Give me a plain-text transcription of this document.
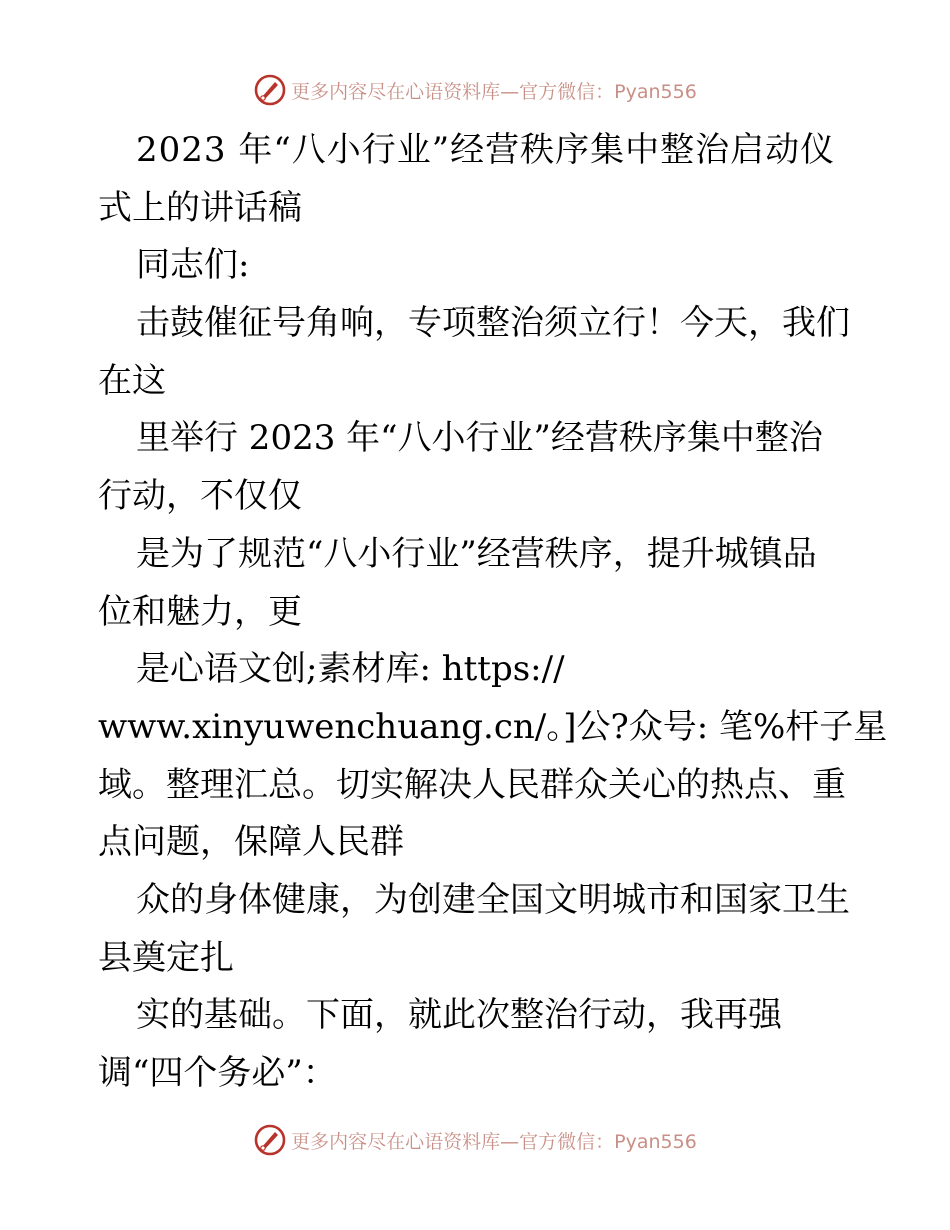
更多内容尽在心语资料库—官方微信：Pyan556

2023 年“八小行业”经营秩序集中整治启动仪

式上的讲话稿

同志们:

击鼓催征号角响，专项整治须立行！今天，我们

在这

里举行 2023 年“八小行业”经营秩序集中整治

行动，不仅仅

是为了规范“八小行业”经营秩序，提升城镇品

位和魅力，更

是心语文创;素材库: https://

www.xinyuwenchuang.cn/。]公?众号: 笔%杆子星

域。整理汇总。切实解决人民群众关心的热点、重

点问题，保障人民群

众的身体健康，为创建全国文明城市和国家卫生

县奠定扎

实的基础。下面，就此次整治行动，我再强

调“四个务必”：

更多内容尽在心语资料库—官方微信：Pyan556
